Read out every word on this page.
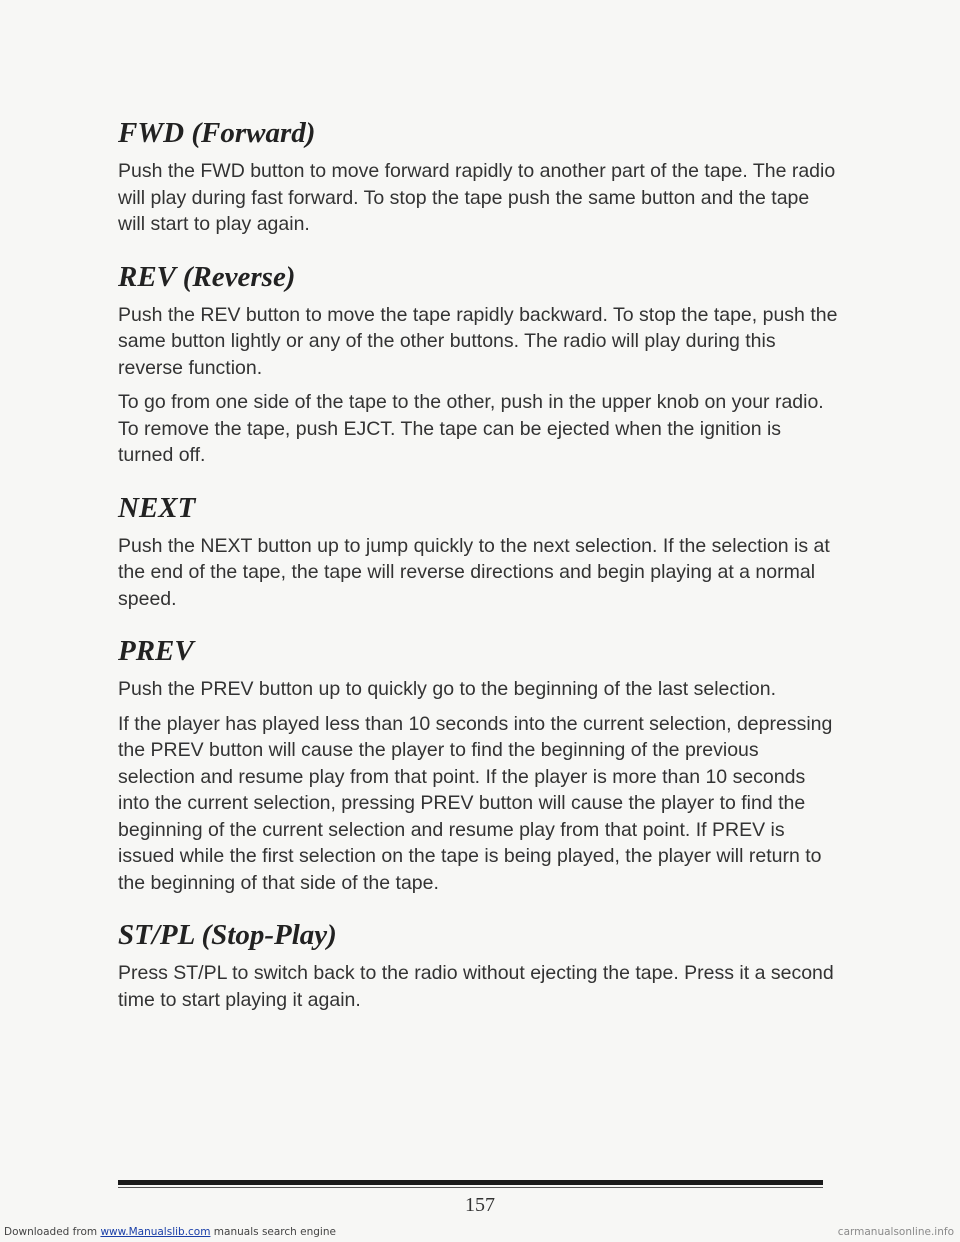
FWD (Forward)

Push the FWD button to move forward rapidly to another part of the tape. The radio will play during fast forward. To stop the tape push the same button and the tape will start to play again.

REV (Reverse)

Push the REV button to move the tape rapidly backward. To stop the tape, push the same button lightly or any of the other buttons. The radio will play during this reverse function.

To go from one side of the tape to the other, push in the upper knob on your radio. To remove the tape, push EJCT. The tape can be ejected when the ignition is turned off.

NEXT

Push the NEXT button up to jump quickly to the next selection. If the selection is at the end of the tape, the tape will reverse directions and begin playing at a normal speed.

PREV

Push the PREV button up to quickly go to the beginning of the last selection.

If the player has played less than 10 seconds into the current selection, depressing the PREV button will cause the player to find the beginning of the previous selection and resume play from that point. If the player is more than 10 seconds into the current selection, pressing PREV button will cause the player to find the beginning of the current selection and resume play from that point. If PREV is issued while the first selection on the tape is being played, the player will return to the beginning of that side of the tape.

ST/PL (Stop-Play)

Press ST/PL to switch back to the radio without ejecting the tape. Press it a second time to start playing it again.

157
Downloaded from www.Manualslib.com manuals search engine	carmanualsonline.info
